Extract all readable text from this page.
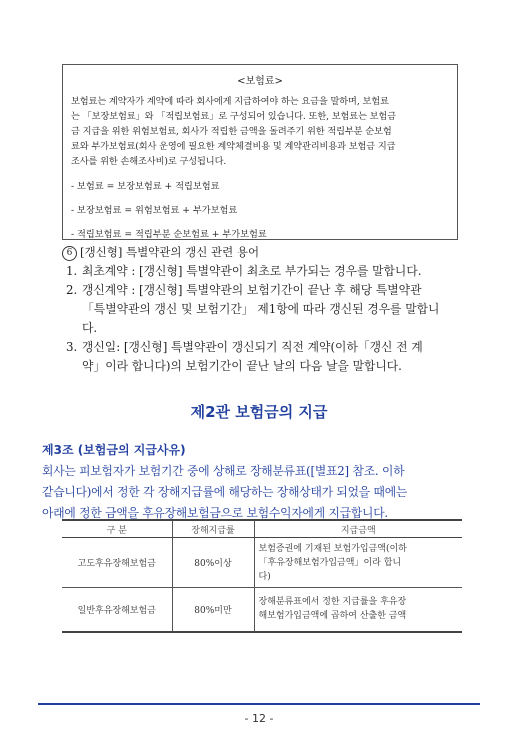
<보험료>
보험료는 계약자가 계약에 따라 회사에게 지급하여야 하는 요금을 말하며, 보험료
는 「보장보험료」와 「적립보험료」로 구성되어 있습니다. 또한, 보험료는 보험금
금 지급을 위한 위험보험료, 회사가 적립한 금액을 돌려주기 위한 적립부분 순보험
료와 부가보험료(회사 운영에 필요한 계약체결비용 및 계약관리비용과 보험금 지급
조사를 위한 손해조사비)로 구성됩니다.
- 보험료 = 보장보험료 + 적립보험료
- 보장보험료 = 위험보험료 + 부가보험료
- 적립보험료 = 적립부분 순보험료 + 부가보험료
6 [갱신형] 특별약관의 갱신 관련 용어
1. 최초계약 : [갱신형] 특별약관이 최초로 부가되는 경우를 말합니다.
2. 갱신계약 : [갱신형] 특별약관의 보험기간이 끝난 후 해당 특별약관
「특별약관의 갱신 및 보험기간」 제1항에 따라 갱신된 경우를 말합니
다.
3. 갱신일: [갱신형] 특별약관이 갱신되기 직전 계약(이하「갱신 전 계
약」이라 합니다)의 보험기간이 끝난 날의 다음 날을 말합니다.
제2관 보험금의 지급
제3조 (보험금의 지급사유)
회사는 피보험자가 보험기간 중에 상해로 장해분류표([별표2] 참조. 이하
같습니다)에서 정한 각 장해지급률에 해당하는 장해상태가 되었을 때에는
아래에 정한 금액을 후유장해보험금으로 보험수익자에게 지급합니다.
구 분	장해지급률	지급금액
고도후유장해보험금	80%이상	보험증권에 기재된 보험가입금액(이하
「후유장해보험가입금액」이라 합니
다)

일반후유장해보험금	80%미만	장해분류표에서 정한 지급률을 후유장
해보험가입금액에 곱하여 산출한 금액
- 12 -
